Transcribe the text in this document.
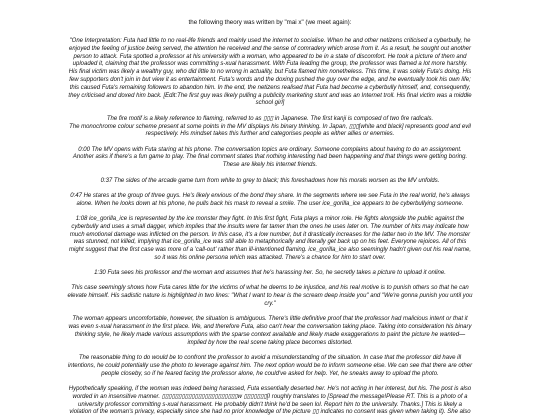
the following theory was written by "mai x" (we meet again):
"One Interpretation: Futa had little to no real-life friends and mainly used the internet to socialise. When he and other netizens criticised a cyberbully, he
enjoyed the feeling of justice being served, the attention he received and the sense of comradery which arose from it. As a result, he sought out another
person to attack. Futa spotted a professor at his university with a woman, who appeared to be in a state of discomfort. He took a picture of them and
uploaded it, claiming that the professor was committing s-xual harassment. With Futa leading the group, the professor was flamed a lot more harshly.
His final victim was likely a wealthy guy, who did little to no wrong in actuality, but Futa flamed him nonetheless. This time, it was solely Futa's doing. His
few supporters don't join in but view it as entertainment. Futa's words and the doxing pushed the guy over the edge, and he eventually took his own life;
this caused Futa's remaining followers to abandon him. In the end, the netizens realised that Futa had become a cyberbully himself, and, consequently,
they criticised and doxed him back. [Edit:The first guy was likely pulling a publicity marketing stunt and was an Internet troll. His final victim was a middle
school girl]
The fire motif is a likely reference to flaming, referred to as ▯▯▯ in Japanese. The first kanji is composed of two fire radicals.
The monochrome colour scheme present at some points in the MV displays his binary thinking. In Japan, ▯▯▯[white and black] represents good and evil
respectively. His mindset takes this further and categorises people as either allies or enemies.
0:00 The MV opens with Futa staring at his phone. The conversation topics are ordinary. Someone complains about having to do an assignment.
Another asks if there's a fun game to play. The final comment states that nothing interesting had been happening and that things were getting boring.
These are likely his internet friends.
0:37 The sides of the arcade game turn from white to grey to black; this foreshadows how his morals worsen as the MV unfolds.
0:47 He stares at the group of three guys. He's likely envious of the bond they share. In the segments where we see Futa in the real world, he's always
alone. When he looks down at his phone, he pulls back his mask to reveal a smile. The user ice_gorilla_ice appears to be cyberbullying someone.
1:08 ice_gorilla_ice is represented by the ice monster they fight. In this first fight, Futa plays a minor role. He fights alongside the public against the
cyberbully and uses a small dagger, which implies that the insults were far tamer than the ones he uses later on. The number of hits may indicate how
much emotional damage was inflicted on the person. In this case, it's a low number, but it drastically increases for the latter two in the MV. The monster
was stunned, not killed, implying that ice_gorilla_ice was still able to metaphorically and literally get back up on his feet. Everyone rejoices. All of this
might suggest that the first case was more of a 'call-out' rather than ill-intentioned flaming. ice_gorilla_ice also seemingly hadn't given out his real name,
so it was his online persona which was attacked. There's a chance for him to start over.
1:30 Futa sees his professor and the woman and assumes that he's harassing her. So, he secretly takes a picture to upload it online.
This case seemingly shows how Futa cares little for the victims of what he deems to be injustice, and his real motive is to punish others so that he can
elevate himself. His sadistic nature is highlighted in two lines: "What I want to hear is the scream deep inside you" and "We're gonna punish you until you
cry."
The woman appears uncomfortable, however, the situation is ambiguous. There's little definitive proof that the professor had malicious intent or that it
was even s-xual harassment in the first place. We, and therefore Futa, also can't hear the conversation taking place. Taking into consideration his binary
thinking style, he likely made various assumptions with the sparse context available and likely made exaggerations to paint the picture he wanted—
implied by how the real scene taking place becomes distorted.
The reasonable thing to do would be to confront the professor to avoid a misunderstanding of the situation. In case that the professor did have ill
intentions, he could potentially use the photo to leverage against him. The next option would be to inform someone else. We can see that there are other
people closeby, so if he feared facing the professor alone, he could've asked for help. Yet, he sneaks away to upload the photo.
Hypothetically speaking, if the woman was indeed being harassed, Futa essentially deserted her. He's not acting in her interest, but his. The post is also
worded in an insensitive manner. ▯▯▯▯▯▯▯▯▯▯▯▯▯▯▯▯▯▯▯▯▯▯▯w ▯▯▯▯▯▯▯[I roughly translates to [Spread the message!Please RT. This is a photo of a
university professor committing s-xual harassment. He probably didn't think he'd be seen lol. Report him to the university. Thanks.] This is likely a
violation of the woman's privacy, especially since she had no prior knowledge of the picture ▯▯ indicates no consent was given when taking it). She also
